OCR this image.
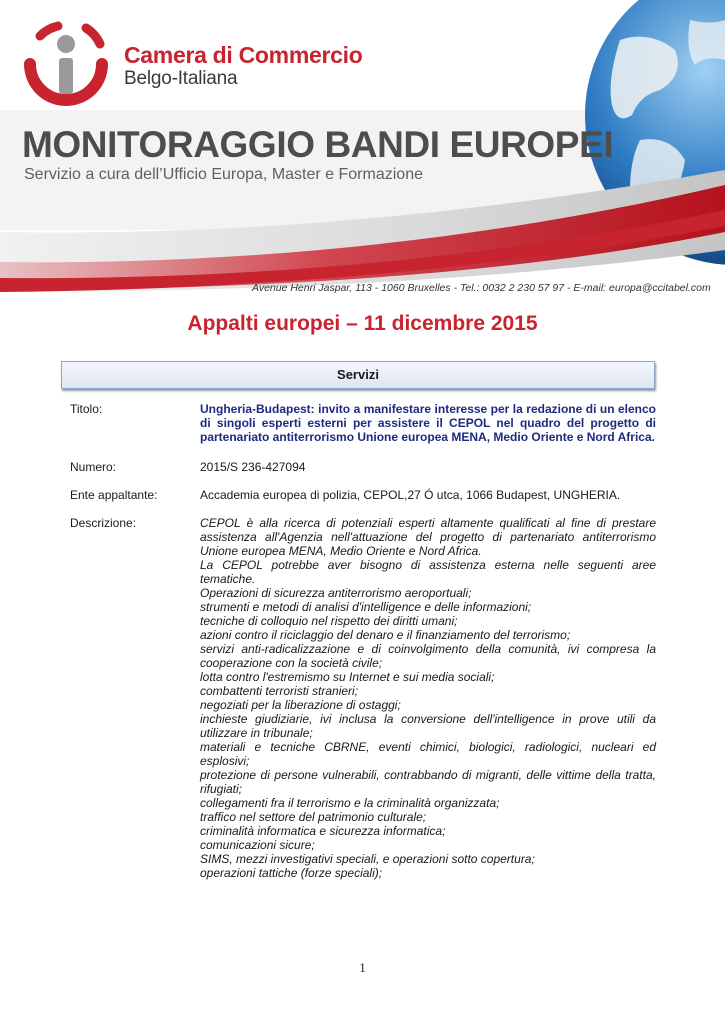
Camera di Commercio
Belgo-Italiana
MONITORAGGIO BANDI EUROPEI
Servizio a cura dell’Ufficio Europa, Master e Formazione
Avenue Henri Jaspar, 113 - 1060 Bruxelles - Tel.: 0032 2 230 57 97 - E-mail: europa@ccitabel.com
Appalti europei – 11 dicembre 2015
Servizi
Titolo:	Ungheria-Budapest: invito a manifestare interesse per la redazione di un elenco di singoli esperti esterni per assistere il CEPOL nel quadro del progetto di partenariato antiterrorismo Unione europea MENA, Medio Oriente e Nord Africa.
Numero:	2015/S 236-427094
Ente appaltante:	Accademia europea di polizia, CEPOL,27 Ó utca, 1066 Budapest, UNGHERIA.
Descrizione:	CEPOL è alla ricerca di potenziali esperti altamente qualificati al fine di prestare assistenza all'Agenzia nell'attuazione del progetto di partenariato antiterrorismo Unione europea MENA, Medio Oriente e Nord Africa.
La CEPOL potrebbe aver bisogno di assistenza esterna nelle seguenti aree tematiche.
Operazioni di sicurezza antiterrorismo aeroportuali;
strumenti e metodi di analisi d'intelligence e delle informazioni;
tecniche di colloquio nel rispetto dei diritti umani;
azioni contro il riciclaggio del denaro e il finanziamento del terrorismo;
servizi anti-radicalizzazione e di coinvolgimento della comunità, ivi compresa la cooperazione con la società civile;
lotta contro l'estremismo su Internet e sui media sociali;
combattenti terroristi stranieri;
negoziati per la liberazione di ostaggi;
inchieste giudiziarie, ivi inclusa la conversione dell'intelligence in prove utili da utilizzare in tribunale;
materiali e tecniche CBRNE, eventi chimici, biologici, radiologici, nucleari ed esplosivi;
protezione di persone vulnerabili, contrabbando di migranti, delle vittime della tratta, rifugiati;
collegamenti fra il terrorismo e la criminalità organizzata;
traffico nel settore del patrimonio culturale;
criminalità informatica e sicurezza informatica;
comunicazioni sicure;
SIMS, mezzi investigativi speciali, e operazioni sotto copertura;
operazioni tattiche (forze speciali);
1
